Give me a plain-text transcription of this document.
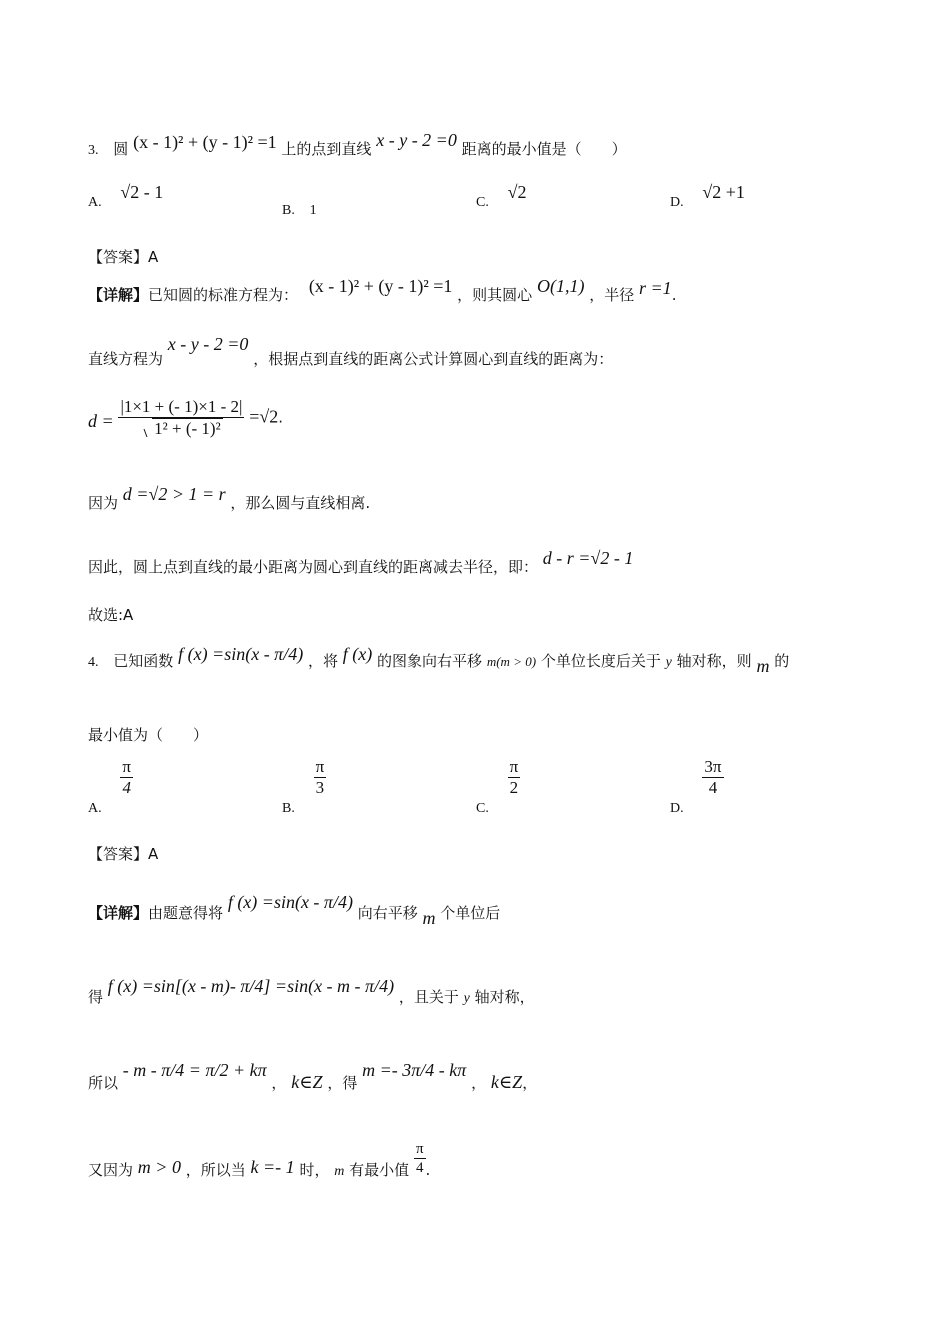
3. 圆 (x - 1)² + (y - 1)² =1 上的点到直线 x - y - 2 =0 距离的最小值是（　　）
A. √2 - 1
B. 1
C. √2
D. √2 +1
【答案】A
【详解】已知圆的标准方程为： (x - 1)² + (y - 1)² =1 ，则其圆心 O(1,1) ，半径 r =1.
直线方程为 x - y - 2 =0 ，根据点到直线的距离公式计算圆心到直线的距离为：
$d = \frac{|1\times 1 + (- 1)\times 1 - 2|}{\text{1² + (- 1)²}} =√2$.
因为 d =√2 > 1 = r ，那么圆与直线相离.
因此，圆上点到直线的最小距离为圆心到直线的距离减去半径，即： d - r =√2 - 1
故选:A
4. 已知函数 f (x) =sin(x - π/4) ，将 f (x) 的图象向右平移 m(m > 0) 个单位长度后关于 y 轴对称，则 m 的
最小值为（　　）
A.
$\frac{\pi}{4}$
B.
$\frac{\pi}{3}$
C.
$\frac{\pi}{2}$
D.
$\frac{3\pi}{4}$
【答案】A
【详解】由题意得将 f (x) =sin(x - π/4) 向右平移 m 个单位后
得 f (x) =sin[(x - m)- π/4] =sin(x - m - π/4) ，且关于 y 轴对称，
所以 - m - π/4 = π/2 + kπ ， k∈Z ，得 m =- 3π/4 - kπ ， k∈Z，
又因为 m > 0 ，所以当 k =- 1 时， m 有最小值 $\frac{\pi}{4}$ .
